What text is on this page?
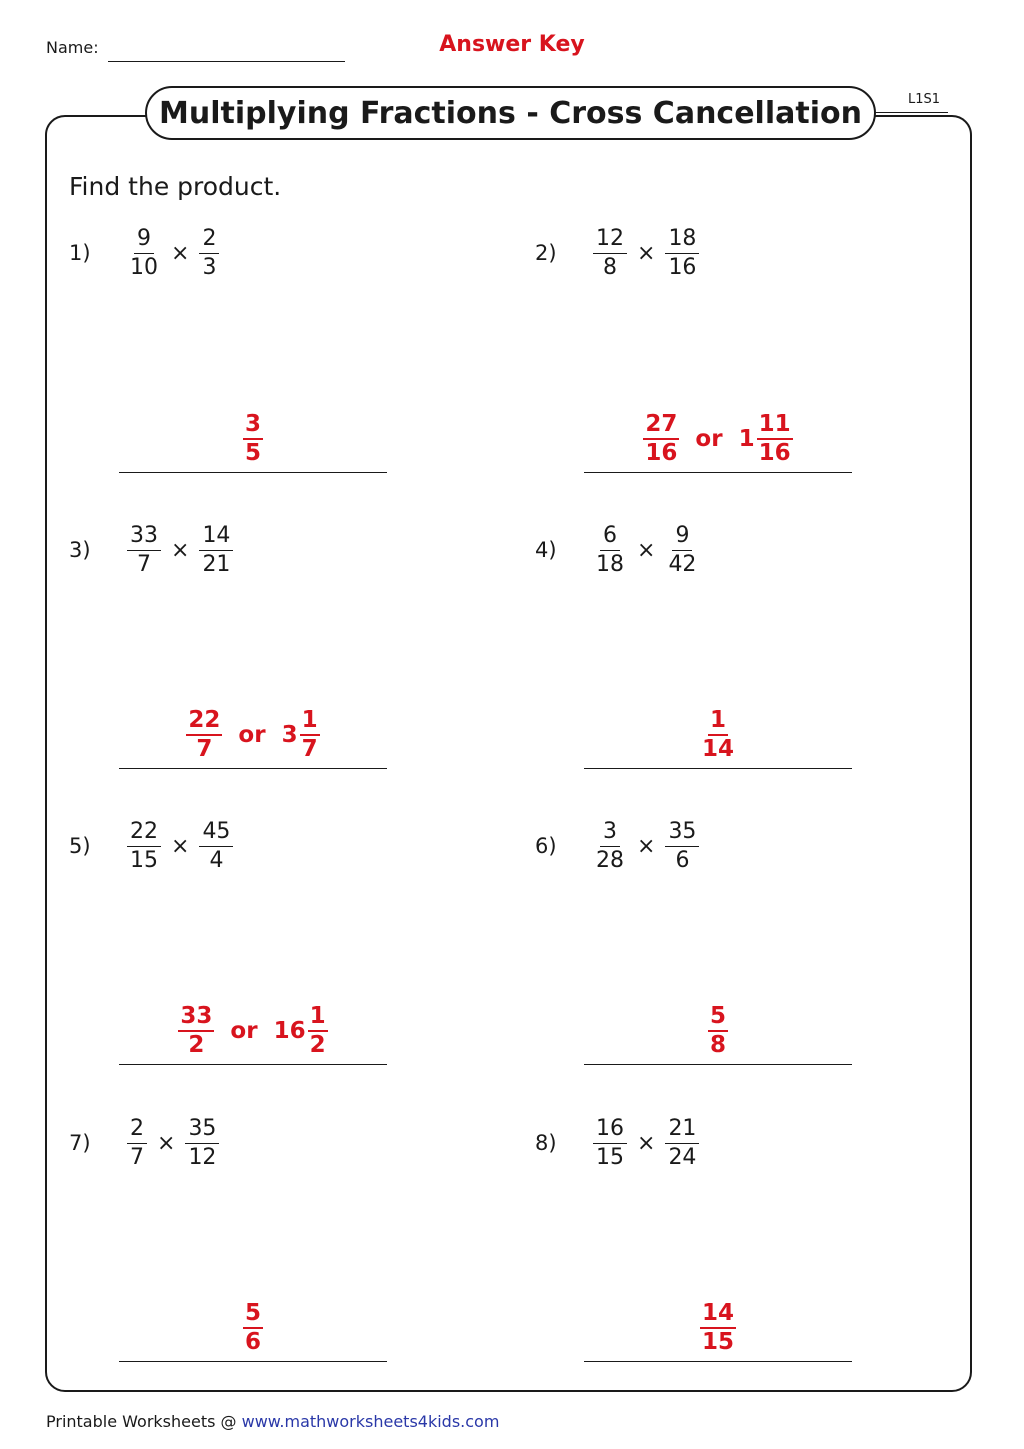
Name:	Answer Key
Multiplying Fractions - Cross Cancellation	L1S1
Find the product.
1)	$\frac{9}{10} \times \frac{2}{3}$
$\frac{3}{5}$
2)	$\frac{12}{8} \times \frac{18}{16}$
$\frac{27}{16}$ or $1 \frac{11}{16}$
3)	$\frac{33}{7} \times \frac{14}{21}$
$\frac{22}{7}$ or $3 \frac{1}{7}$
4)	$\frac{6}{18} \times \frac{9}{42}$
$\frac{1}{14}$
5)	$\frac{22}{15} \times \frac{45}{4}$
$\frac{33}{2}$ or $16 \frac{1}{2}$
6)	$\frac{3}{28} \times \frac{35}{6}$
$\frac{5}{8}$
7)	$\frac{2}{7} \times \frac{35}{12}$
$\frac{5}{6}$
8)	$\frac{16}{15} \times \frac{21}{24}$
$\frac{14}{15}$
Printable Worksheets @ www.mathworksheets4kids.com
